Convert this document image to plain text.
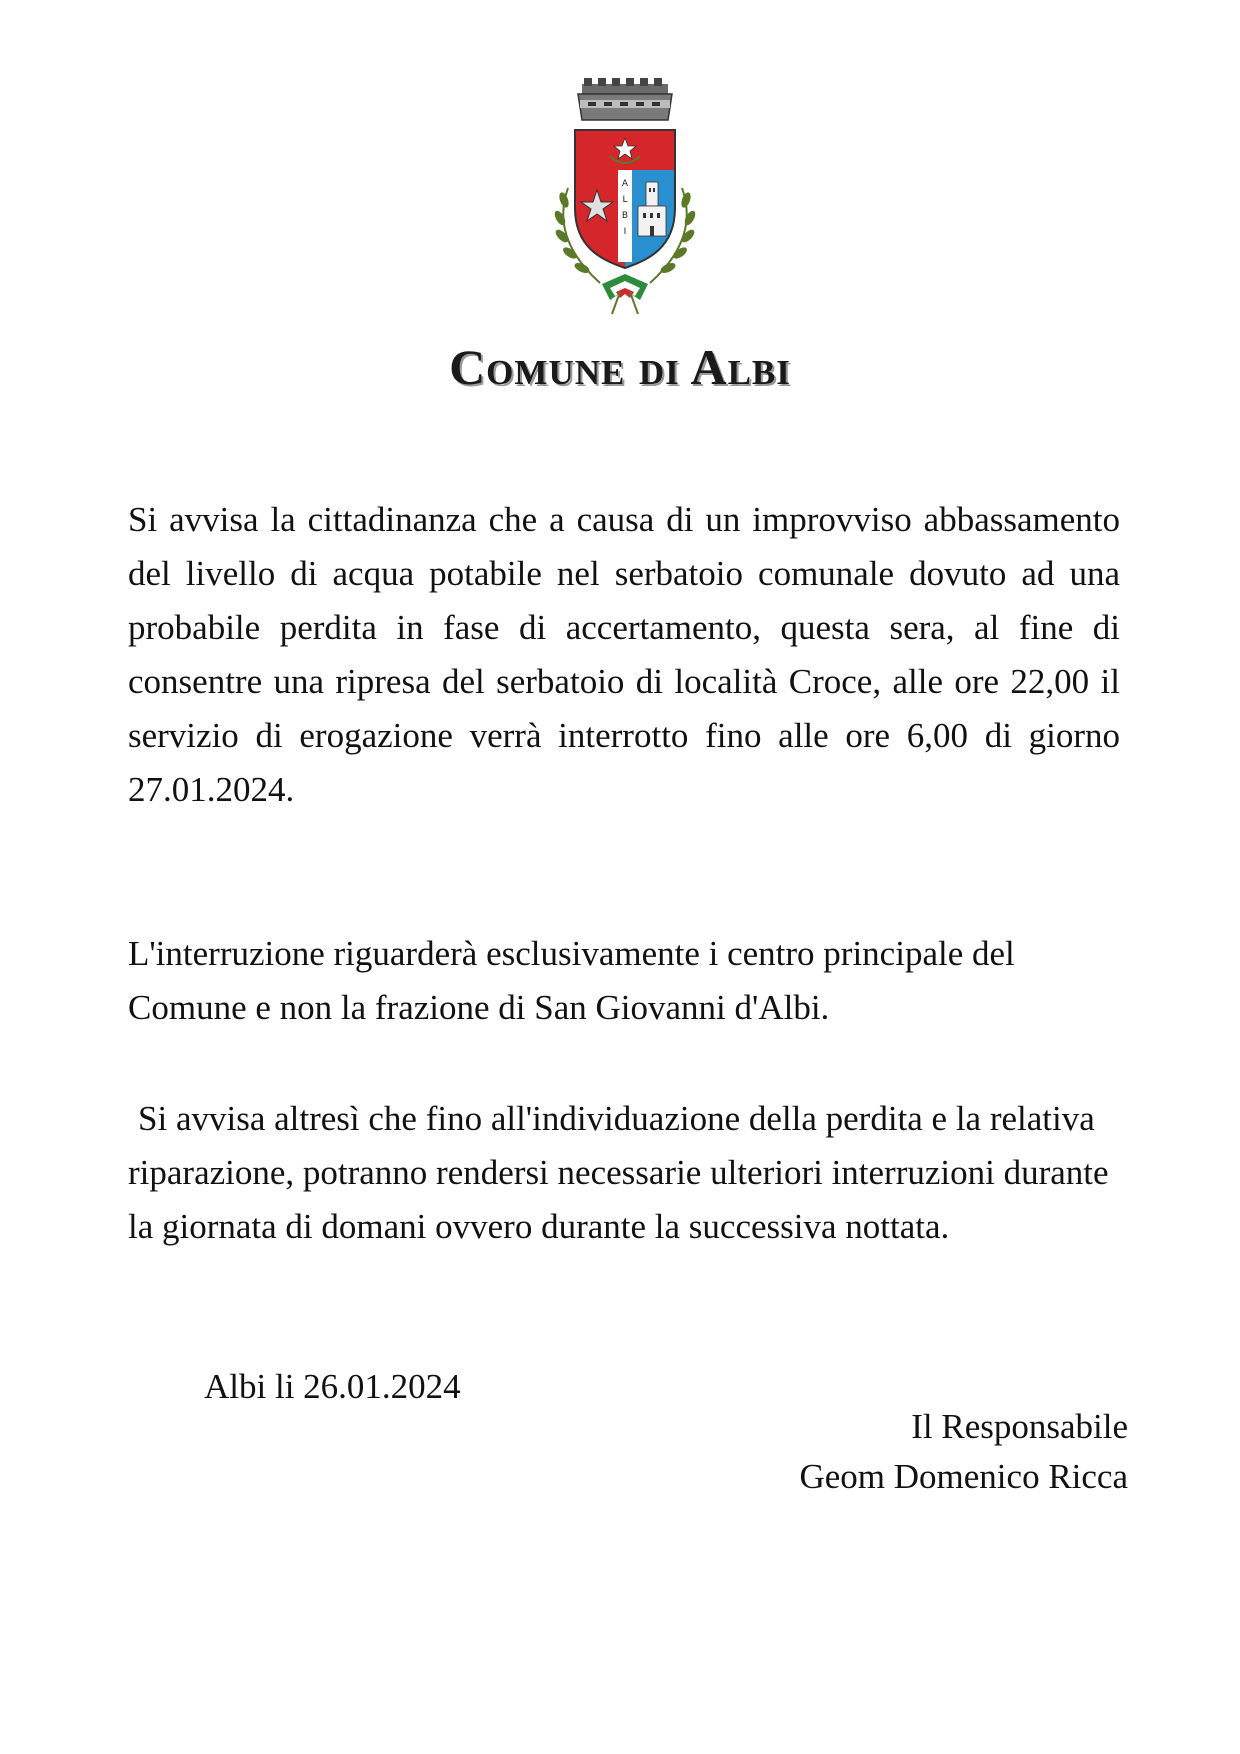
A
L
B
I
Comune di Albi

Si avvisa la cittadinanza che a causa di un improvviso abbassamento del livello di acqua potabile nel serbatoio comunale dovuto ad una probabile perdita in fase di accertamento, questa sera, al fine di consentre una ripresa del serbatoio di località Croce, alle ore 22,00 il servizio di erogazione verrà interrotto fino alle ore 6,00 di giorno 27.01.2024.

L'interruzione riguarderà esclusivamente i centro principale del Comune e non la frazione di San Giovanni d'Albi.

Si avvisa altresì che fino all'individuazione della perdita e la relativa riparazione, potranno rendersi necessarie ulteriori interruzioni durante la giornata di domani ovvero durante la successiva nottata.

Albi li 26.01.2024

Il Responsabile
Geom Domenico Ricca
